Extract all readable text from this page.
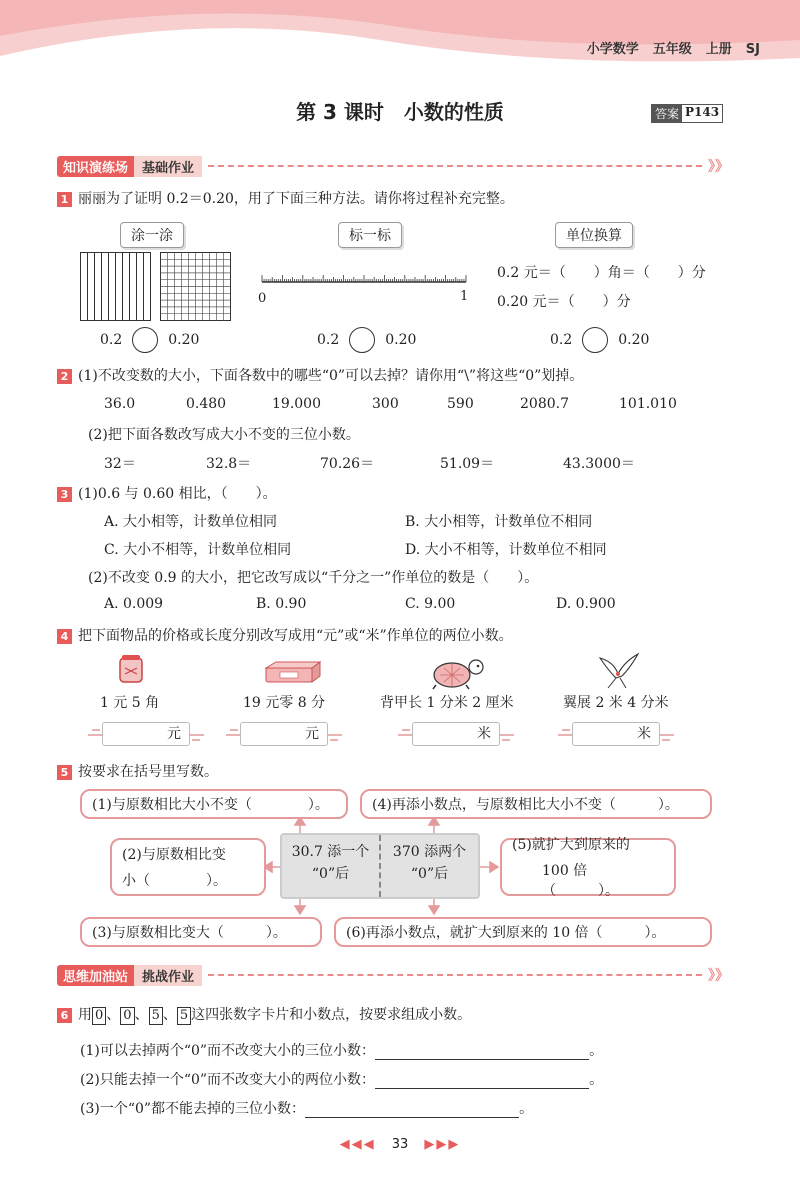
小学数学 五年级 上册 SJ
第 3 课时　小数的性质	答案 P143
知识演练场	基础作业	》》
1 丽丽为了证明 0.2＝0.20，用了下面三种方法。请你将过程补充完整。
涂一涂	标一标	单位换算
0	1
0.2 元＝（　　）角＝（　　）分
0.20 元＝（　　）分
0.2	0.20	0.2	0.20	0.2	0.20
2 (1)不改变数的大小，下面各数中的哪些“0”可以去掉？请你用“\”将这些“0”划掉。
36.0	0.480	19.000	300	590	2080.7	101.010
(2)把下面各数改写成大小不变的三位小数。
32＝	32.8＝	70.26＝	51.09＝	43.3000＝
3 (1)0.6 与 0.60 相比，（　　）。
A. 大小相等，计数单位相同	B. 大小相等，计数单位不相同
C. 大小不相等，计数单位相同	D. 大小不相等，计数单位不相同
(2)不改变 0.9 的大小，把它改写成以“千分之一”作单位的数是（　　）。
A. 0.009	B. 0.90	C. 9.00	D. 0.900
4 把下面物品的价格或长度分别改写成用“元”或“米”作单位的两位小数。
1 元 5 角	19 元零 8 分	背甲长 1 分米 2 厘米	翼展 2 米 4 分米
元	元	米	米
5 按要求在括号里写数。
(1)与原数相比大小不变（　　　　）。	(4)再添小数点，与原数相比大小不变（　　　）。
(2)与原数相比变
小（　　　　）。
30.7 添一个
“0”后
370 添两个
“0”后
(5)就扩大到原来的
100 倍（　　　）。
(3)与原数相比变大（　　　）。	(6)再添小数点，就扩大到原来的 10 倍（　　　）。
思维加油站	挑战作业	》》
6 用 0 、 0 、 5 、 5 这四张数字卡片和小数点，按要求组成小数。
(1)可以去掉两个“0”而不改变大小的三位小数：	。
(2)只能去掉一个“0”而不改变大小的两位小数：	。
(3)一个“0”都不能去掉的三位小数：	。
◀◀◀ 33 ▶▶▶
